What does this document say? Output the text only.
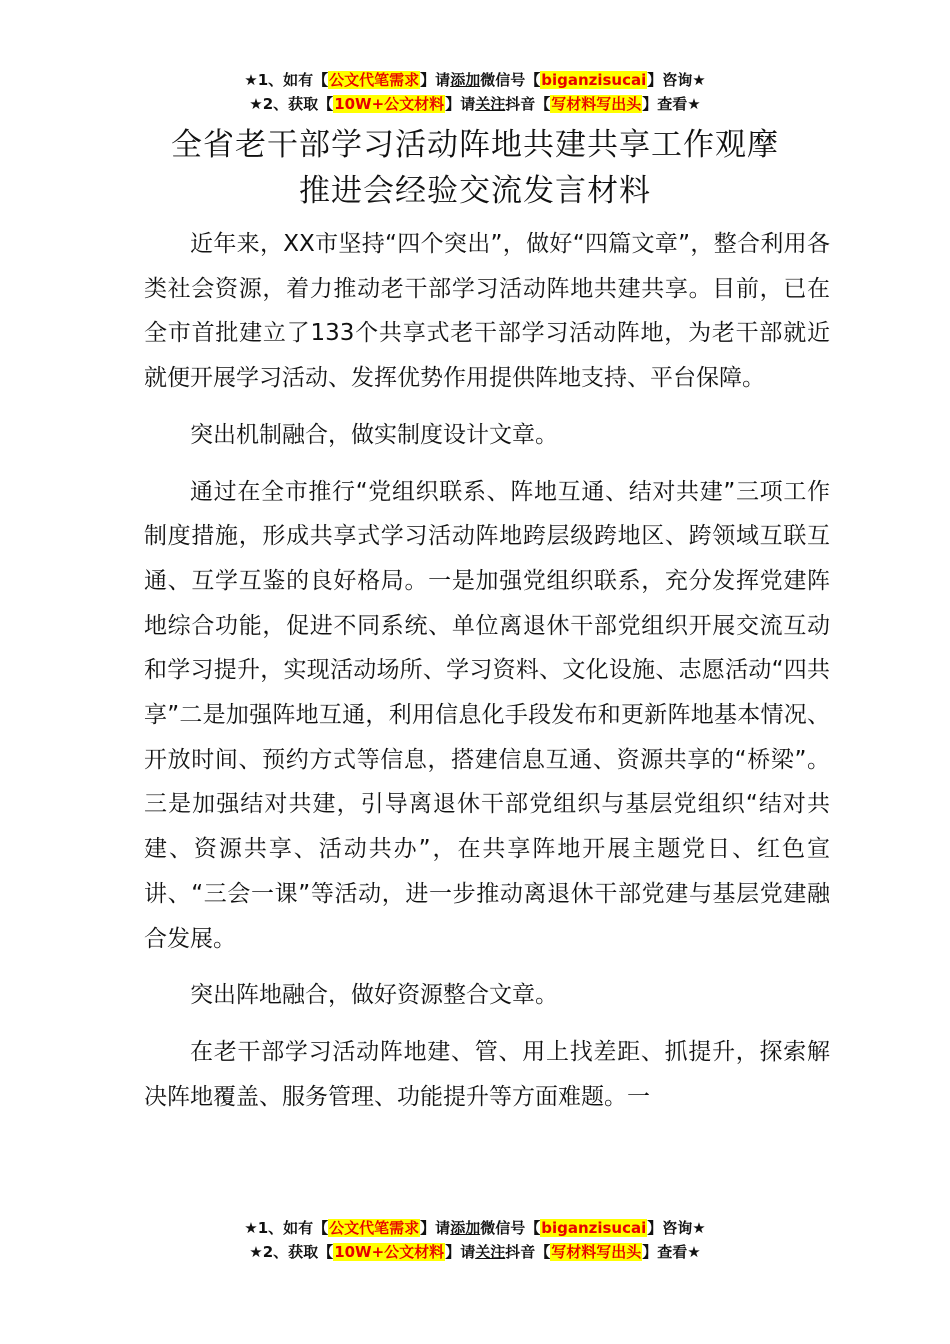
★1、如有【公文代笔需求】请添加微信号【biganzisucai】咨询★
★2、获取【10W+公文材料】请关注抖音【写材料写出头】查看★
全省老干部学习活动阵地共建共享工作观摩
推进会经验交流发言材料

近年来，XX市坚持“四个突出”，做好“四篇文章”，整合利用各类社会资源，着力推动老干部学习活动阵地共建共享。目前，已在全市首批建立了133个共享式老干部学习活动阵地，为老干部就近就便开展学习活动、发挥优势作用提供阵地支持、平台保障。

突出机制融合，做实制度设计文章。

通过在全市推行“党组织联系、阵地互通、结对共建”三项工作制度措施，形成共享式学习活动阵地跨层级跨地区、跨领域互联互通、互学互鉴的良好格局。一是加强党组织联系，充分发挥党建阵地综合功能，促进不同系统、单位离退休干部党组织开展交流互动和学习提升，实现活动场所、学习资料、文化设施、志愿活动“四共享”二是加强阵地互通，利用信息化手段发布和更新阵地基本情况、开放时间、预约方式等信息，搭建信息互通、资源共享的“桥梁”。三是加强结对共建，引导离退休干部党组织与基层党组织“结对共建、资源共享、活动共办”，在共享阵地开展主题党日、红色宣讲、“三会一课”等活动，进一步推动离退休干部党建与基层党建融合发展。

突出阵地融合，做好资源整合文章。

在老干部学习活动阵地建、管、用上找差距、抓提升，探索解决阵地覆盖、服务管理、功能提升等方面难题。一

★1、如有【公文代笔需求】请添加微信号【biganzisucai】咨询★
★2、获取【10W+公文材料】请关注抖音【写材料写出头】查看★
